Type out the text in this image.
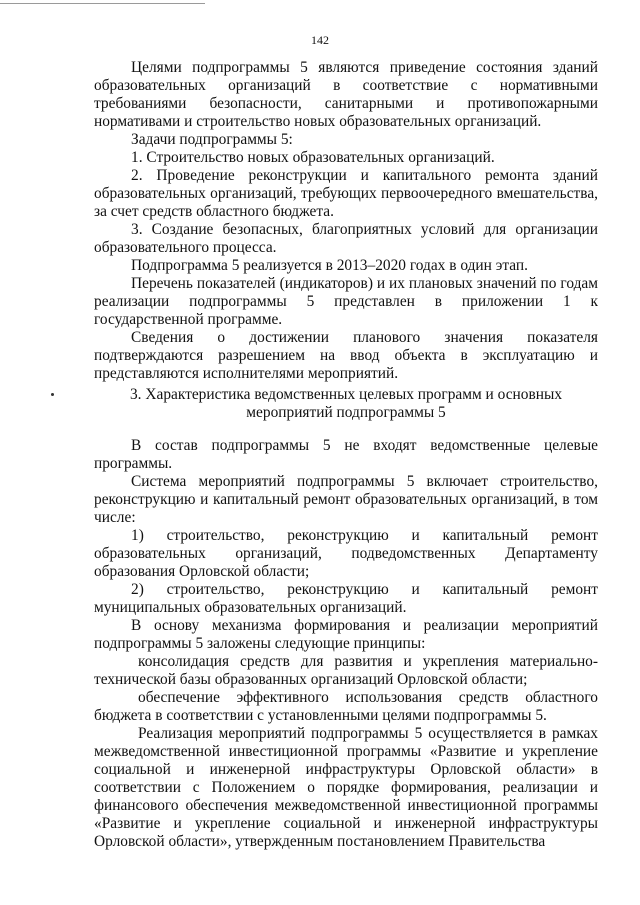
142

Целями подпрограммы 5 являются приведение состояния зданий образовательных организаций в соответствие с нормативными требованиями безопасности, санитарными и противопожарными нормативами и строительство новых образовательных организаций.

Задачи подпрограммы 5:

1. Строительство новых образовательных организаций.

2. Проведение реконструкции и капитального ремонта зданий образовательных организаций, требующих первоочередного вмешательства, за счет средств областного бюджета.

3. Создание безопасных, благоприятных условий для организации образовательного процесса.

Подпрограмма 5 реализуется в 2013–2020 годах в один этап.

Перечень показателей (индикаторов) и их плановых значений по годам реализации подпрограммы 5 представлен в приложении 1 к государственной программе.

Сведения о достижении планового значения показателя подтверждаются разрешением на ввод объекта в эксплуатацию и представляются исполнителями мероприятий.

3. Характеристика ведомственных целевых программ и основных
мероприятий подпрограммы 5

В состав подпрограммы 5 не входят ведомственные целевые программы.

Система мероприятий подпрограммы 5 включает строительство, реконструкцию и капитальный ремонт образовательных организаций, в том числе:

1) строительство, реконструкцию и капитальный ремонт образовательных организаций, подведомственных Департаменту образования Орловской области;

2) строительство, реконструкцию и капитальный ремонт муниципальных образовательных организаций.

В основу механизма формирования и реализации мероприятий подпрограммы 5 заложены следующие принципы:

консолидация средств для развития и укрепления материально-технической базы образованных организаций Орловской области;

обеспечение эффективного использования средств областного бюджета в соответствии с установленными целями подпрограммы 5.

Реализация мероприятий подпрограммы 5 осуществляется в рамках межведомственной инвестиционной программы «Развитие и укрепление социальной и инженерной инфраструктуры Орловской области» в соответствии с Положением о порядке формирования, реализации и финансового обеспечения межведомственной инвестиционной программы «Развитие и укрепление социальной и инженерной инфраструктуры Орловской области», утвержденным постановлением Правительства
